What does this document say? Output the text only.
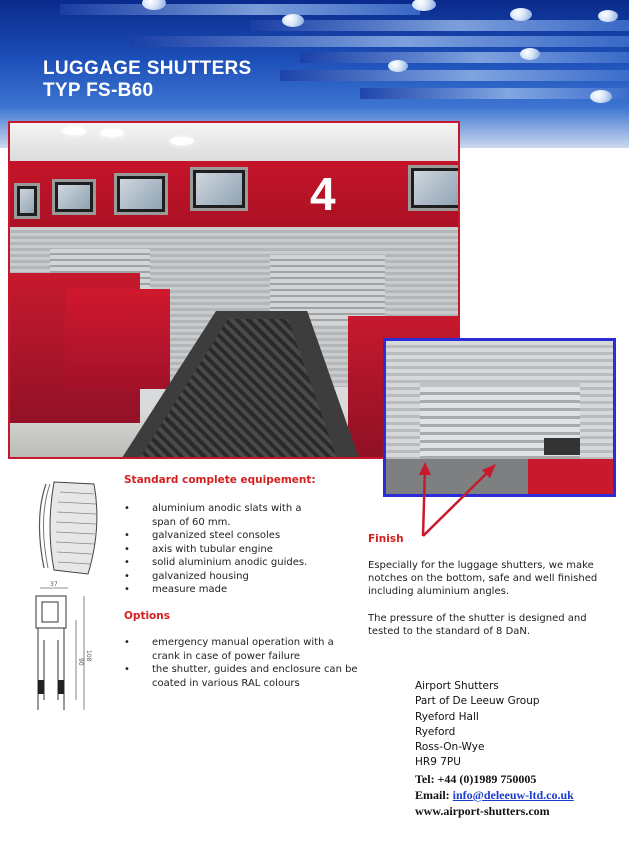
LUGGAGE SHUTTERS
TYP FS-B60
4
37
108
90
Standard complete equipement:
• aluminium anodic slats with a
span of 60 mm.
• galvanized steel consoles
• axis with tubular engine
• solid aluminium anodic guides.
• galvanized housing
• measure made
Options
• emergency manual operation with a
crank in case of power failure
• the shutter, guides and enclosure can be
coated in various RAL colours
Finish

Especially for the luggage shutters, we make
notches on the bottom, safe and well finished
including aluminium angles.

The pressure of the shutter is designed and
tested to the standard of 8 DaN.

Airport Shutters
Part of De Leeuw Group
Ryeford Hall
Ryeford
Ross-On-Wye
HR9 7PU
Tel: +44 (0)1989 750005
Email: info@deleeuw-ltd.co.uk
www.airport-shutters.com
